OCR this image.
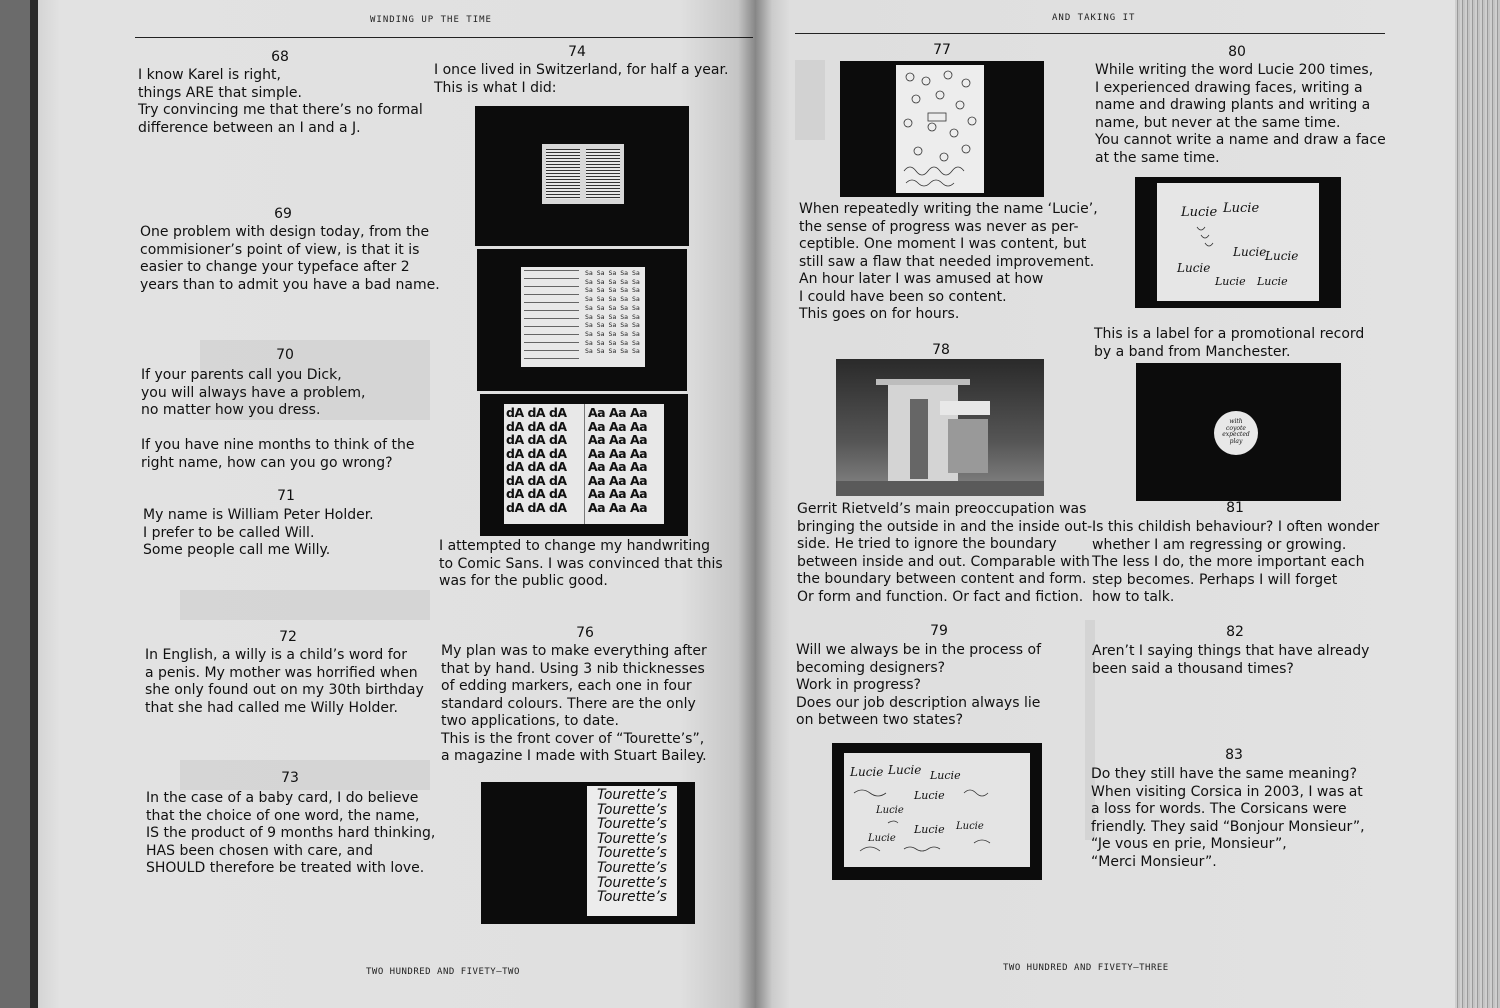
WINDING UP THE TIME
68
I know Karel is right,
things ARE that simple.
Try convincing me that there’s no formal
difference between an I and a J.
69
One problem with design today, from the
commisioner’s point of view, is that it is
easier to change your typeface after 2
years than to admit you have a bad name.
70
If your parents call you Dick,
you will always have a problem,
no matter how you dress.

If you have nine months to think of the
right name, how can you go wrong?
71
My name is William Peter Holder.
I prefer to be called Will.
Some people call me Willy.
72
In English, a willy is a child’s word for
a penis. My mother was horrified when
she only found out on my 30th birthday
that she had called me Willy Holder.
73
In the case of a baby card, I do believe
that the choice of one word, the name,
IS the product of 9 months hard thinking,
HAS been chosen with care, and
SHOULD therefore be treated with love.
74
I once lived in Switzerland, for half a year.
This is what I did:
Sa Sa Sa Sa Sa
Sa Sa Sa Sa Sa
Sa Sa Sa Sa Sa
Sa Sa Sa Sa Sa
Sa Sa Sa Sa Sa
Sa Sa Sa Sa Sa
Sa Sa Sa Sa Sa
Sa Sa Sa Sa Sa
Sa Sa Sa Sa Sa
Sa Sa Sa Sa Sa
dA dA dA
dA dA dA
dA dA dA
dA dA dA
dA dA dA
dA dA dA
dA dA dA
dA dA dA
Aa Aa Aa
Aa Aa Aa
Aa Aa Aa
Aa Aa Aa
Aa Aa Aa
Aa Aa Aa
Aa Aa Aa
Aa Aa Aa
I attempted to change my handwriting
to Comic Sans. I was convinced that this
was for the public good.
76
My plan was to make everything after
that by hand. Using 3 nib thicknesses
of edding markers, each one in four
standard colours. There are the only
two applications, to date.
This is the front cover of “Tourette’s”,
a magazine I made with Stuart Bailey.
Tourette’s
Tourette’s
Tourette’s
Tourette’s
Tourette’s
Tourette’s
Tourette’s
Tourette’s
TWO HUNDRED AND FIVETY–TWO
AND TAKING IT
77
When repeatedly writing the name ‘Lucie’,
the sense of progress was never as per-
ceptible. One moment I was content, but
still saw a flaw that needed improvement.
An hour later I was amused at how
I could have been so content.
This goes on for hours.
78
Gerrit Rietveld’s main preoccupation was
bringing the outside in and the inside out-
side. He tried to ignore the boundary
between inside and out. Comparable with
the boundary between content and form.
Or form and function. Or fact and fiction.
79
Will we always be in the process of
becoming designers?
Work in progress?
Does our job description always lie
on between two states?
Lucie Lucie Lucie
Lucie
Lucie
Lucie Lucie
Lucie
80
While writing the word Lucie 200 times,
I experienced drawing faces, writing a
name and drawing plants and writing a
name, but never at the same time.
You cannot write a name and draw a face
at the same time.
Lucie Lucie
Lucie
Lucie
Lucie
Lucie Lucie
This is a label for a promotional record
by a band from Manchester.
with
coyote
expected
play
81
Is this childish behaviour? I often wonder
whether I am regressing or growing.
The less I do, the more important each
step becomes. Perhaps I will forget
how to talk.
82
Aren’t I saying things that have already
been said a thousand times?
83
Do they still have the same meaning?
When visiting Corsica in 2003, I was at
a loss for words. The Corsicans were
friendly. They said “Bonjour Monsieur”,
“Je vous en prie, Monsieur”,
“Merci Monsieur”.
TWO HUNDRED AND FIVETY–THREE
